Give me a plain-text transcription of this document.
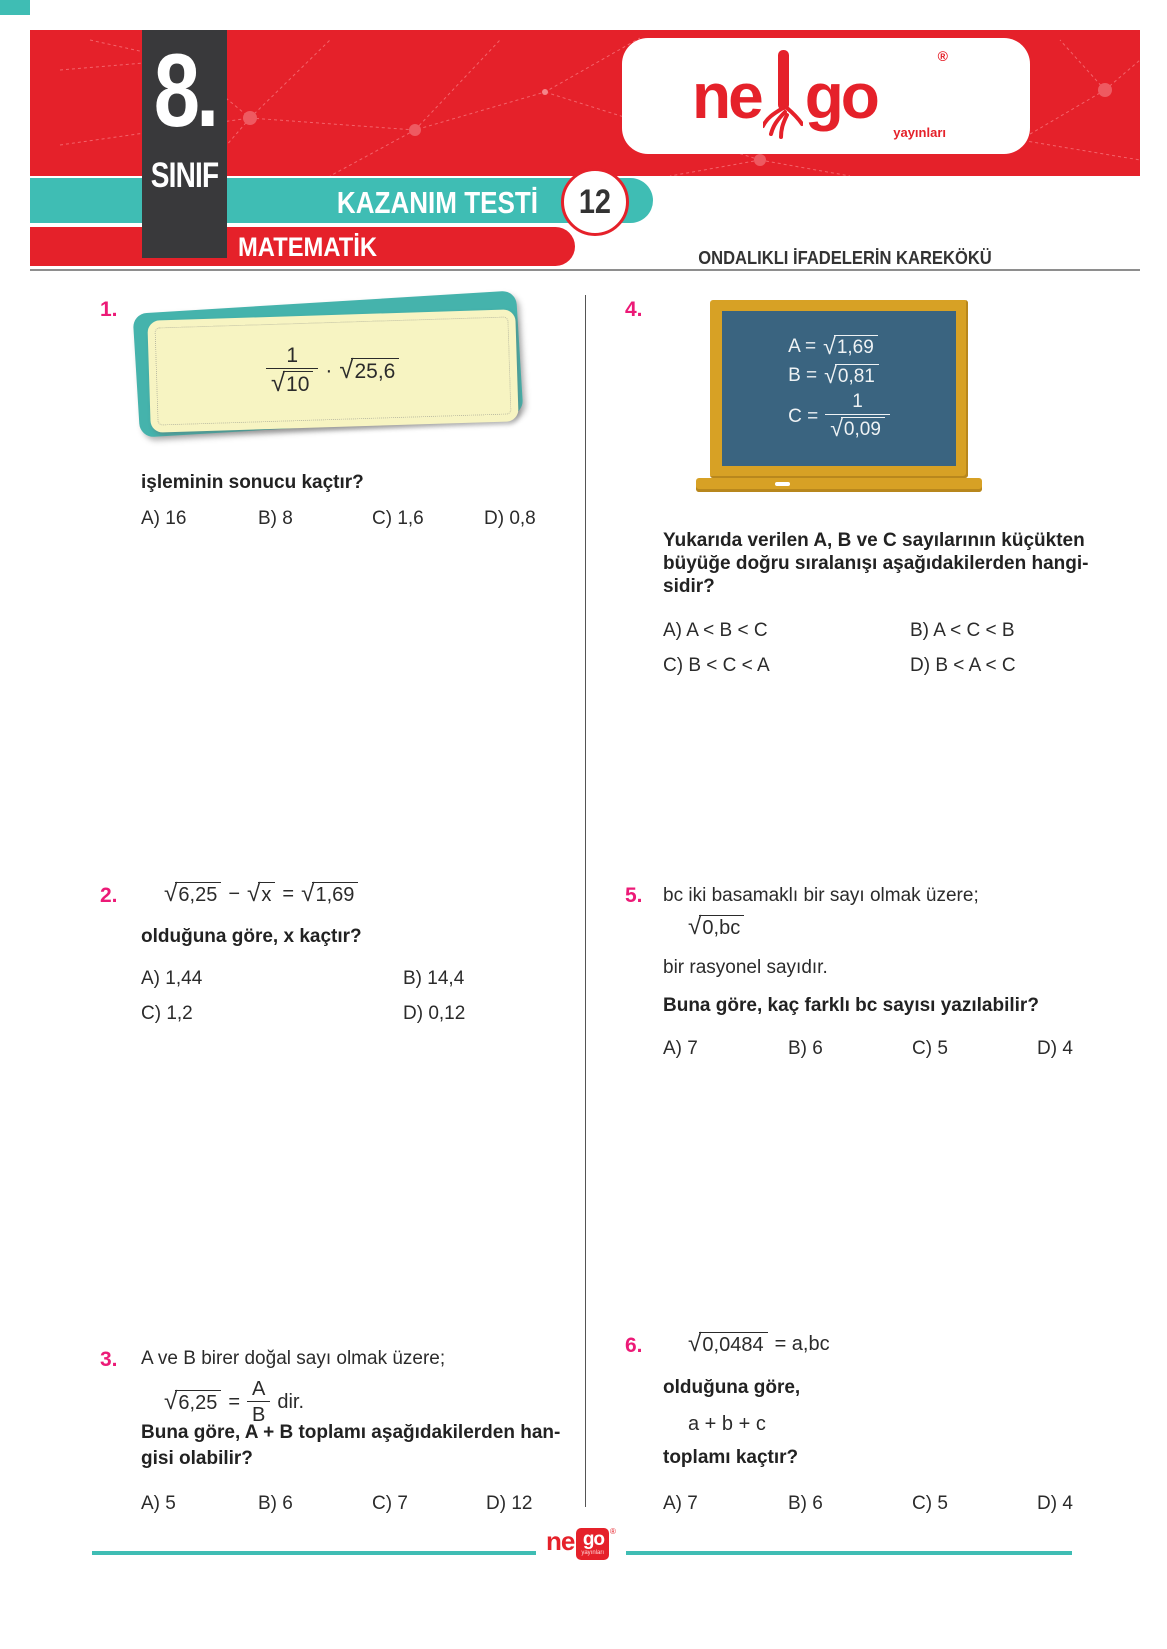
ne go
®
yayınları
KAZANIM TESTİ 12
MATEMATİK
8.
SINIF
ONDALIKLI İFADELERİN KAREKÖKÜ
1.
$\frac{1}{√ 10}$ · √ 25,6
işleminin sonucu kaçtır?
A) 16	B) 8	C) 1,6	D) 0,8
2. √ 6,25 − √ x = √ 1,69
olduğuna göre, x kaçtır?
A) 1,44	B) 14,4
C) 1,2	D) 0,12
3. A ve B birer doğal sayı olmak üzere;
√ $6,25 = \frac{A}{B}$ dir.
Buna göre, A + B toplamı aşağıdakilerden han-
gisi olabilir?
A) 5	B) 6	C) 7	D) 12
4.
A = √ 1,69
B = √ 0,81
$C = \frac{1}{√ 0,09}$
Yukarıda verilen A, B ve C sayılarının küçükten
büyüğe doğru sıralanışı aşağıdakilerden hangi-
sidir?
A) A < B < C	B) A < C < B
C) B < C < A	D) B < A < C
5. bc iki basamaklı bir sayı olmak üzere;
√ 0,bc
bir rasyonel sayıdır.
Buna göre, kaç farklı bc sayısı yazılabilir?
A) 7	B) 6	C) 5	D) 4
6. √ 0,0484 = a,bc
olduğuna göre,
a + b + c
toplamı kaçtır?
A) 7	B) 6	C) 5	D) 4
ne go
yayınları
®
